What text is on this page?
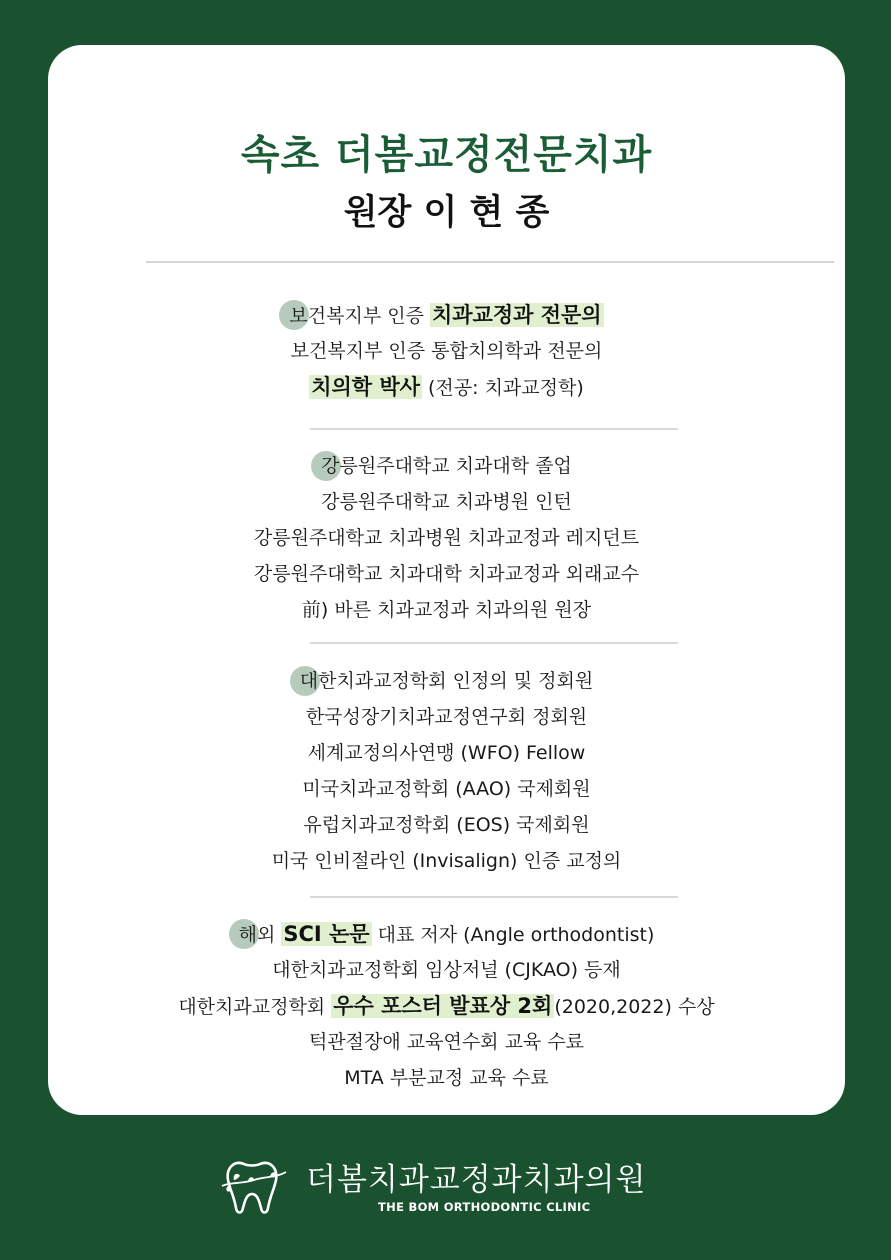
속초 더봄교정전문치과
원장 이 현 종
보건복지부 인증 치과교정과 전문의
보건복지부 인증 통합치의학과 전문의
치의학 박사 (전공: 치과교정학)
강릉원주대학교 치과대학 졸업
강릉원주대학교 치과병원 인턴
강릉원주대학교 치과병원 치과교정과 레지던트
강릉원주대학교 치과대학 치과교정과 외래교수
前) 바른 치과교정과 치과의원 원장
대한치과교정학회 인정의 및 정회원
한국성장기치과교정연구회 정회원
세계교정의사연맹 (WFO) Fellow
미국치과교정학회 (AAO) 국제회원
유럽치과교정학회 (EOS) 국제회원
미국 인비절라인 (Invisalign) 인증 교정의
해외 SCI 논문 대표 저자 (Angle orthodontist)
대한치과교정학회 임상저널 (CJKAO) 등재
대한치과교정학회 우수 포스터 발표상 2회 (2020,2022) 수상
턱관절장애 교육연수회 교육 수료
MTA 부분교정 교육 수료
더봄치과교정과치과의원
THE BOM ORTHODONTIC CLINIC
